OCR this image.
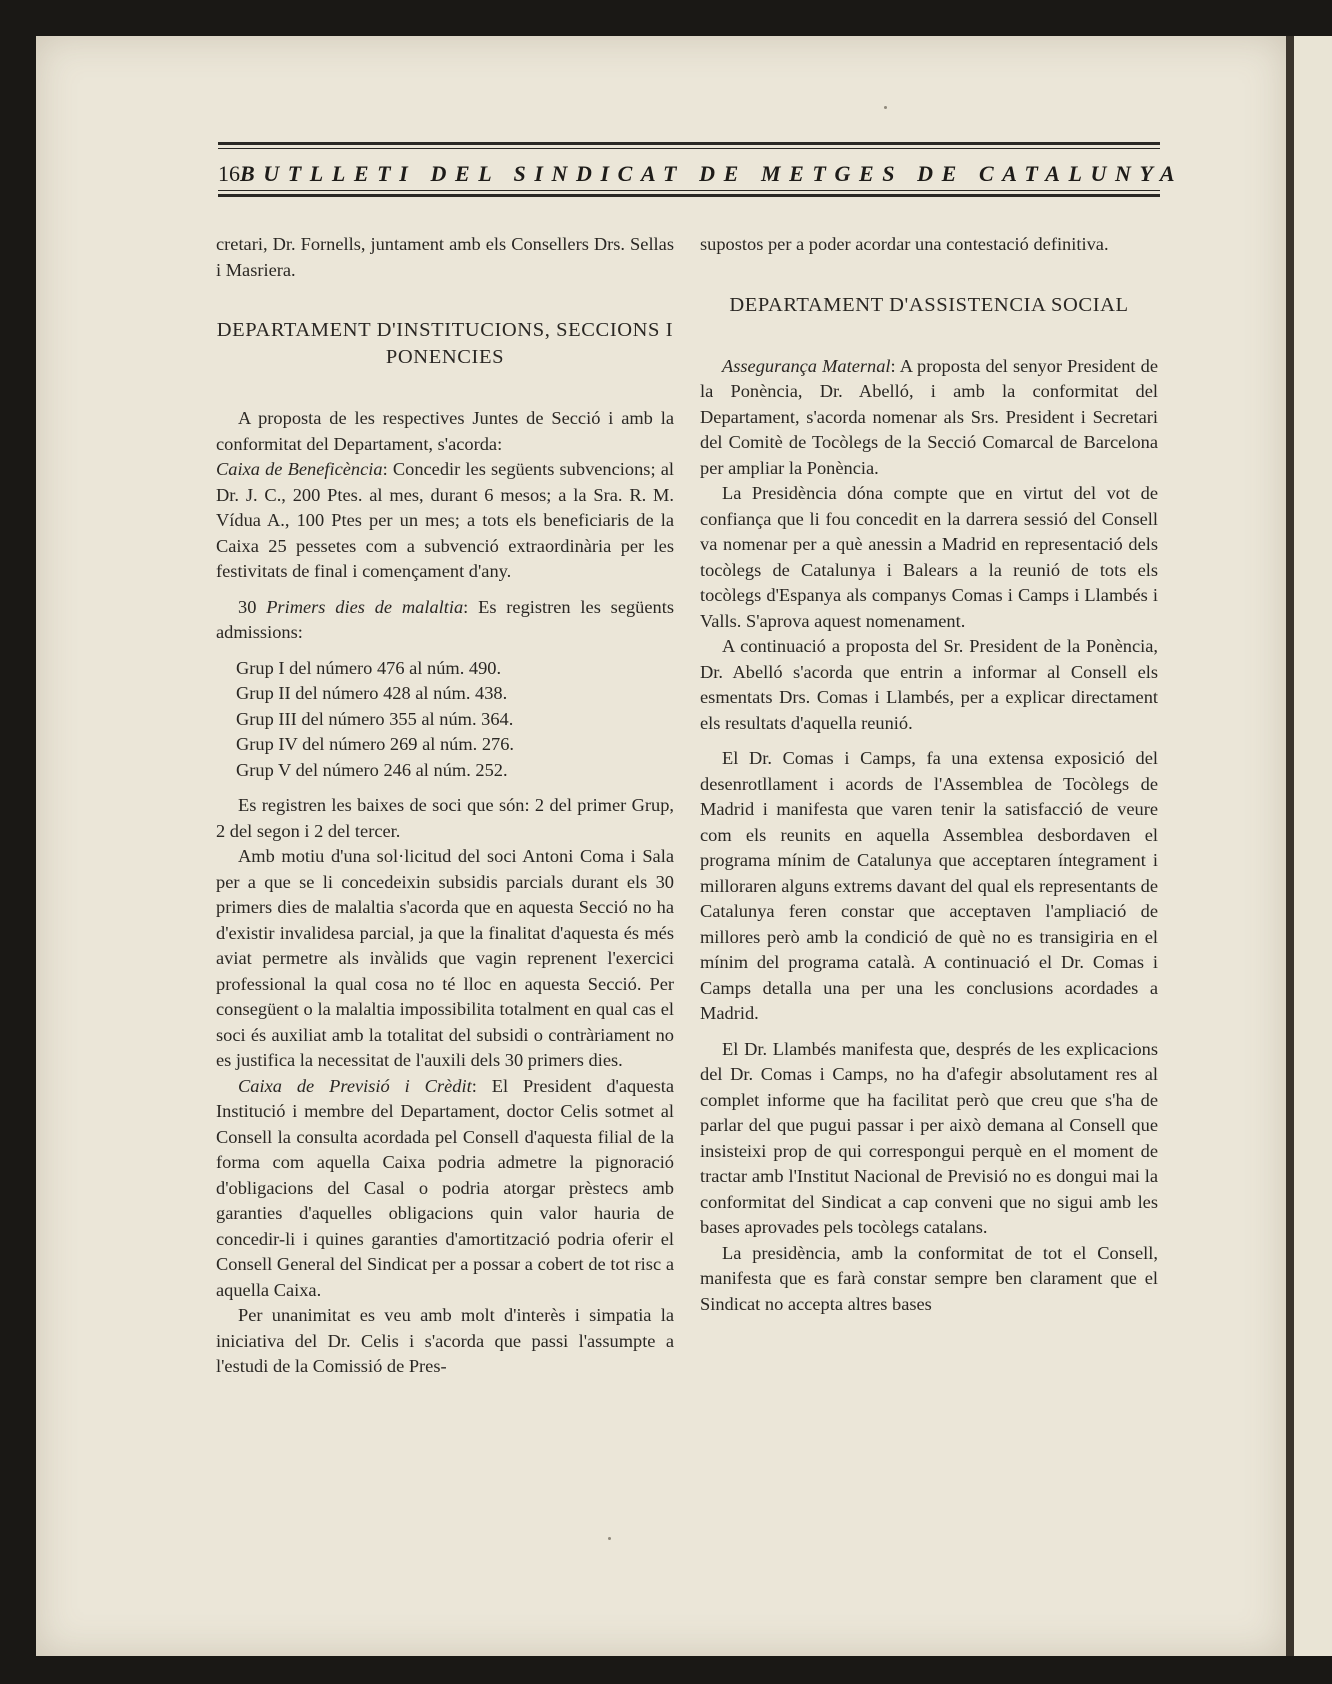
16 BUTLLETI DEL SINDICAT DE METGES DE CATALUNYA

cretari, Dr. Fornells, juntament amb els Consellers Drs. Sellas i Masriera.

DEPARTAMENT D'INSTITUCIONS, SECCIONS I PONENCIES

A proposta de les respectives Juntes de Secció i amb la conformitat del Departament, s'acorda:

Caixa de Beneficència: Concedir les següents subvencions; al Dr. J. C., 200 Ptes. al mes, durant 6 mesos; a la Sra. R. M. Vídua A., 100 Ptes per un mes; a tots els beneficiaris de la Caixa 25 pessetes com a subvenció extraordinària per les festivitats de final i començament d'any.

30 Primers dies de malaltia: Es registren les següents admissions:

Grup I del número 476 al núm. 490.

Grup II del número 428 al núm. 438.

Grup III del número 355 al núm. 364.

Grup IV del número 269 al núm. 276.

Grup V del número 246 al núm. 252.

Es registren les baixes de soci que són: 2 del primer Grup, 2 del segon i 2 del tercer.

Amb motiu d'una sol·licitud del soci Antoni Coma i Sala per a que se li concedeixin subsidis parcials durant els 30 primers dies de malaltia s'acorda que en aquesta Secció no ha d'existir invalidesa parcial, ja que la finalitat d'aquesta és més aviat permetre als invàlids que vagin reprenent l'exercici professional la qual cosa no té lloc en aquesta Secció. Per consegüent o la malaltia impossibilita totalment en qual cas el soci és auxiliat amb la totalitat del subsidi o contràriament no es justifica la necessitat de l'auxili dels 30 primers dies.

Caixa de Previsió i Crèdit: El President d'aquesta Institució i membre del Departament, doctor Celis sotmet al Consell la consulta acordada pel Consell d'aquesta filial de la forma com aquella Caixa podria admetre la pignoració d'obligacions del Casal o podria atorgar prèstecs amb garanties d'aquelles obligacions quin valor hauria de concedir-li i quines garanties d'amortització podria oferir el Consell General del Sindicat per a possar a cobert de tot risc a aquella Caixa.

Per unanimitat es veu amb molt d'interès i simpatia la iniciativa del Dr. Celis i s'acorda que passi l'assumpte a l'estudi de la Comissió de Pres-

supostos per a poder acordar una contestació definitiva.

DEPARTAMENT D'ASSISTENCIA SOCIAL

Assegurança Maternal: A proposta del senyor President de la Ponència, Dr. Abelló, i amb la conformitat del Departament, s'acorda nomenar als Srs. President i Secretari del Comitè de Tocòlegs de la Secció Comarcal de Barcelona per ampliar la Ponència.

La Presidència dóna compte que en virtut del vot de confiança que li fou concedit en la darrera sessió del Consell va nomenar per a què anessin a Madrid en representació dels tocòlegs de Catalunya i Balears a la reunió de tots els tocòlegs d'Espanya als companys Comas i Camps i Llambés i Valls. S'aprova aquest nomenament.

A continuació a proposta del Sr. President de la Ponència, Dr. Abelló s'acorda que entrin a informar al Consell els esmentats Drs. Comas i Llambés, per a explicar directament els resultats d'aquella reunió.

El Dr. Comas i Camps, fa una extensa exposició del desenrotllament i acords de l'Assemblea de Tocòlegs de Madrid i manifesta que varen tenir la satisfacció de veure com els reunits en aquella Assemblea desbordaven el programa mínim de Catalunya que acceptaren íntegrament i milloraren alguns extrems davant del qual els representants de Catalunya feren constar que acceptaven l'ampliació de millores però amb la condició de què no es transigiria en el mínim del programa català. A continuació el Dr. Comas i Camps detalla una per una les conclusions acordades a Madrid.

El Dr. Llambés manifesta que, després de les explicacions del Dr. Comas i Camps, no ha d'afegir absolutament res al complet informe que ha facilitat però que creu que s'ha de parlar del que pugui passar i per això demana al Consell que insisteixi prop de qui correspongui perquè en el moment de tractar amb l'Institut Nacional de Previsió no es dongui mai la conformitat del Sindicat a cap conveni que no sigui amb les bases aprovades pels tocòlegs catalans.

La presidència, amb la conformitat de tot el Consell, manifesta que es farà constar sempre ben clarament que el Sindicat no accepta altres bases
